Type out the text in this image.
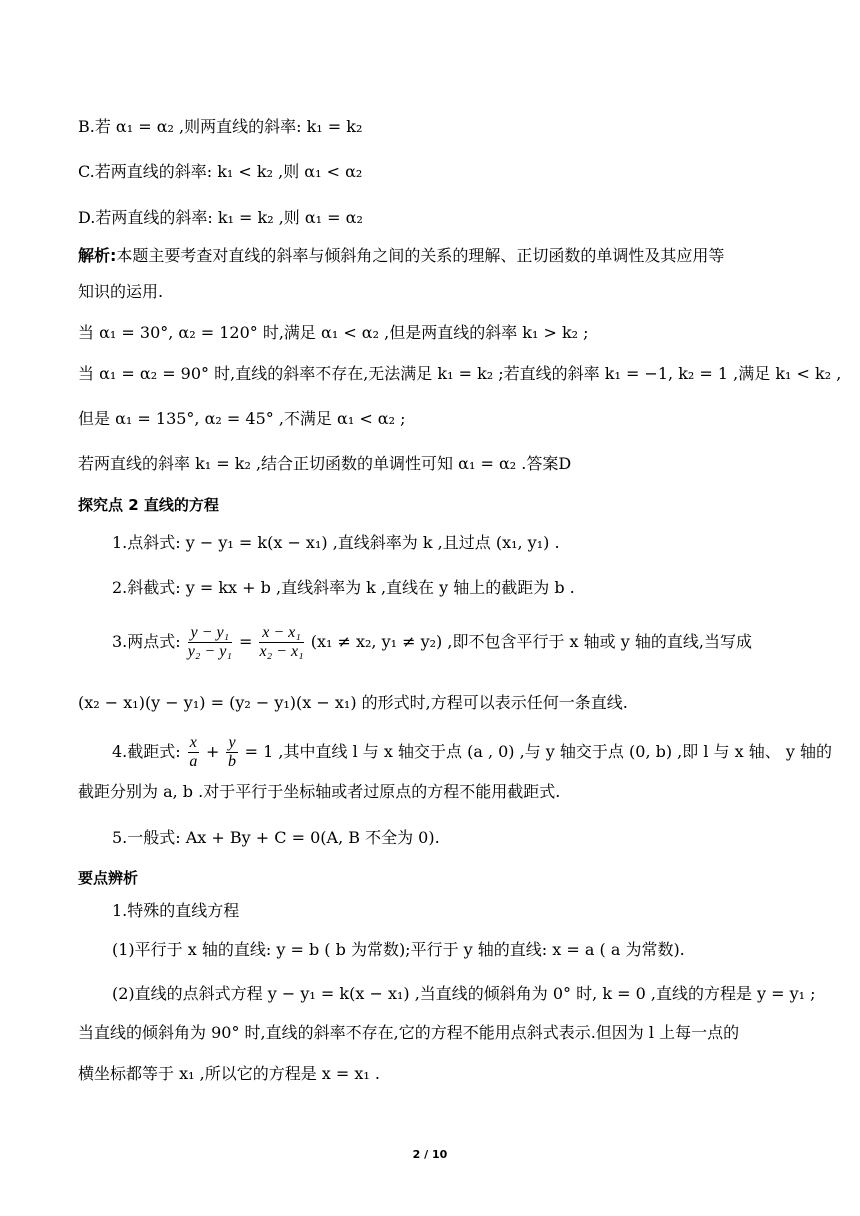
B.若 α₁ = α₂ ,则两直线的斜率: k₁ = k₂
C.若两直线的斜率: k₁ < k₂ ,则 α₁ < α₂
D.若两直线的斜率: k₁ = k₂ ,则 α₁ = α₂
解析:本题主要考查对直线的斜率与倾斜角之间的关系的理解、正切函数的单调性及其应用等
知识的运用.
当 α₁ = 30°, α₂ = 120° 时,满足 α₁ < α₂ ,但是两直线的斜率 k₁ > k₂ ;
当 α₁ = α₂ = 90° 时,直线的斜率不存在,无法满足 k₁ = k₂ ;若直线的斜率 k₁ = −1, k₂ = 1 ,满足 k₁ < k₂ ,
但是 α₁ = 135°, α₂ = 45° ,不满足 α₁ < α₂ ;
若两直线的斜率 k₁ = k₂ ,结合正切函数的单调性可知 α₁ = α₂ .答案D
探究点 2 直线的方程
1.点斜式: y − y₁ = k(x − x₁) ,直线斜率为 k ,且过点 (x₁, y₁) .
2.斜截式: y = kx + b ,直线斜率为 k ,直线在 y 轴上的截距为 b .
3.两点式: $\frac{\text{y − y₁}}{\text{y₂ − y₁}} = \frac{\text{x − x₁}}{\text{x₂ − x₁}} (x_1 \ne x_2$, y₁ ≠ y₂) ,即不包含平行于 x 轴或 y 轴的直线,当写成
(x₂ − x₁)(y − y₁) = (y₂ − y₁)(x − x₁) 的形式时,方程可以表示任何一条直线.
4.截距式: $\frac{x}{a} + \frac{y}{b} = 1$ ,其中直线 l 与 x 轴交于点 (a , 0) ,与 y 轴交于点 (0, b) ,即 l 与 x 轴、 y 轴的
截距分别为 a, b .对于平行于坐标轴或者过原点的方程不能用截距式.
5.一般式: Ax + By + C = 0(A, B 不全为 0).
要点辨析
1.特殊的直线方程
(1)平行于 x 轴的直线: y = b ( b 为常数);平行于 y 轴的直线: x = a ( a 为常数).
(2)直线的点斜式方程 y − y₁ = k(x − x₁) ,当直线的倾斜角为 0° 时, k = 0 ,直线的方程是 y = y₁ ;
当直线的倾斜角为 90° 时,直线的斜率不存在,它的方程不能用点斜式表示.但因为 l 上每一点的
横坐标都等于 x₁ ,所以它的方程是 x = x₁ .
2 / 10
